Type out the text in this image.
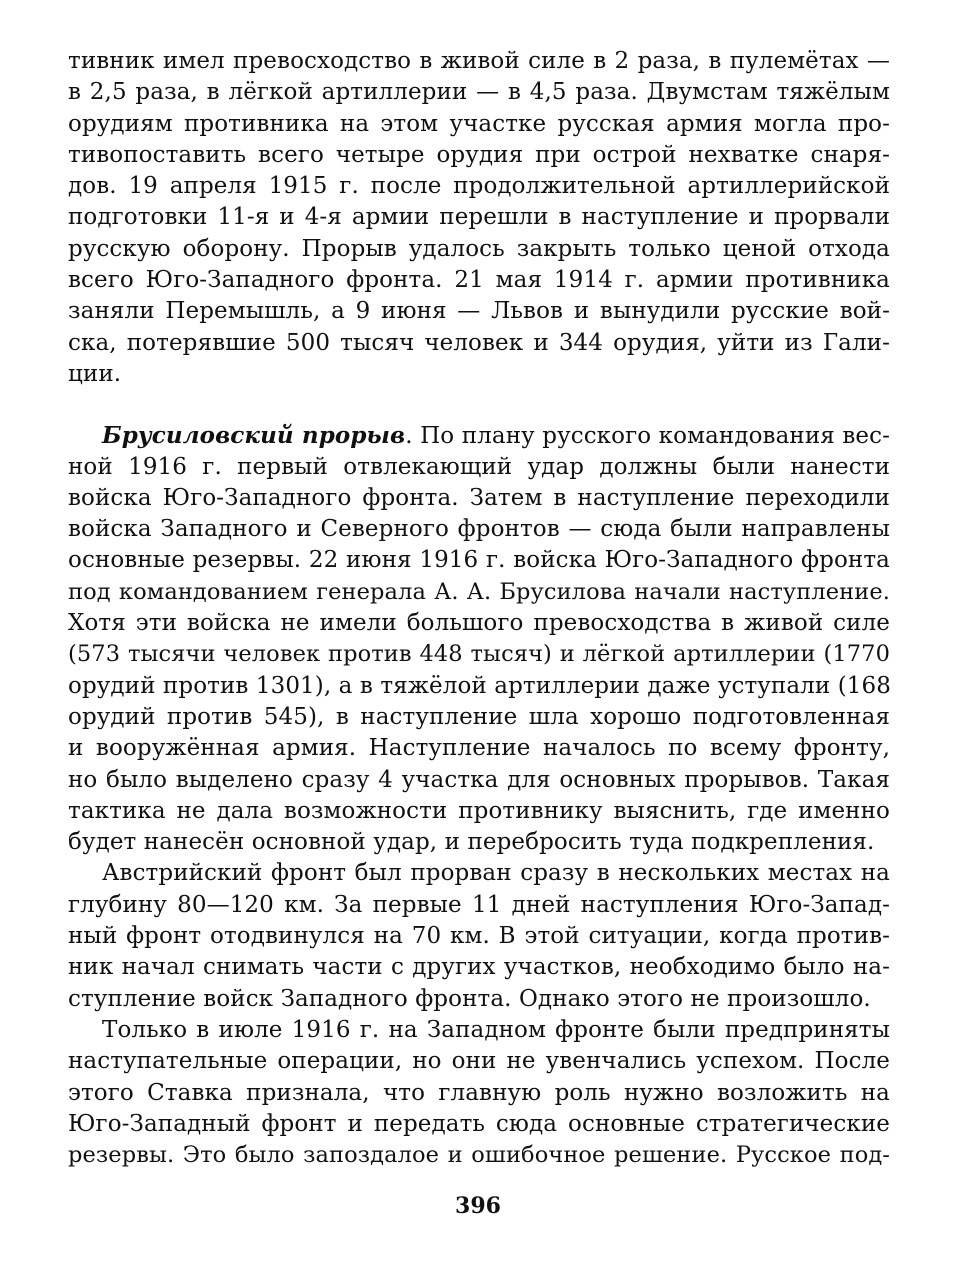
тивник имел превосходство в живой силе в 2 раза, в пулемётах —
в 2,5 раза, в лёгкой артиллерии — в 4,5 раза. Двумстам тяжёлым
орудиям противника на этом участке русская армия могла про-
тивопоставить всего четыре орудия при острой нехватке снаря-
дов. 19 апреля 1915 г. после продолжительной артиллерийской
подготовки 11-я и 4-я армии перешли в наступление и прорвали
русскую оборону. Прорыв удалось закрыть только ценой отхода
всего Юго-Западного фронта. 21 мая 1914 г. армии противника
заняли Перемышль, а 9 июня — Львов и вынудили русские вой-
ска, потерявшие 500 тысяч человек и 344 орудия, уйти из Гали-
ции.
Брусиловский прорыв. По плану русского командования вес-
ной 1916 г. первый отвлекающий удар должны были нанести
войска Юго-Западного фронта. Затем в наступление переходили
войска Западного и Северного фронтов — сюда были направлены
основные резервы. 22 июня 1916 г. войска Юго-Западного фронта
под командованием генерала А. А. Брусилова начали наступление.
Хотя эти войска не имели большого превосходства в живой силе
(573 тысячи человек против 448 тысяч) и лёгкой артиллерии (1770
орудий против 1301), а в тяжёлой артиллерии даже уступали (168
орудий против 545), в наступление шла хорошо подготовленная
и вооружённая армия. Наступление началось по всему фронту,
но было выделено сразу 4 участка для основных прорывов. Такая
тактика не дала возможности противнику выяснить, где именно
будет нанесён основной удар, и перебросить туда подкрепления.
Австрийский фронт был прорван сразу в нескольких местах на
глубину 80—120 км. За первые 11 дней наступления Юго-Запад-
ный фронт отодвинулся на 70 км. В этой ситуации, когда против-
ник начал снимать части с других участков, необходимо было на-
ступление войск Западного фронта. Однако этого не произошло.
Только в июле 1916 г. на Западном фронте были предприняты
наступательные операции, но они не увенчались успехом. После
этого Ставка признала, что главную роль нужно возложить на
Юго-Западный фронт и передать сюда основные стратегические
резервы. Это было запоздалое и ошибочное решение. Русское под-
396
